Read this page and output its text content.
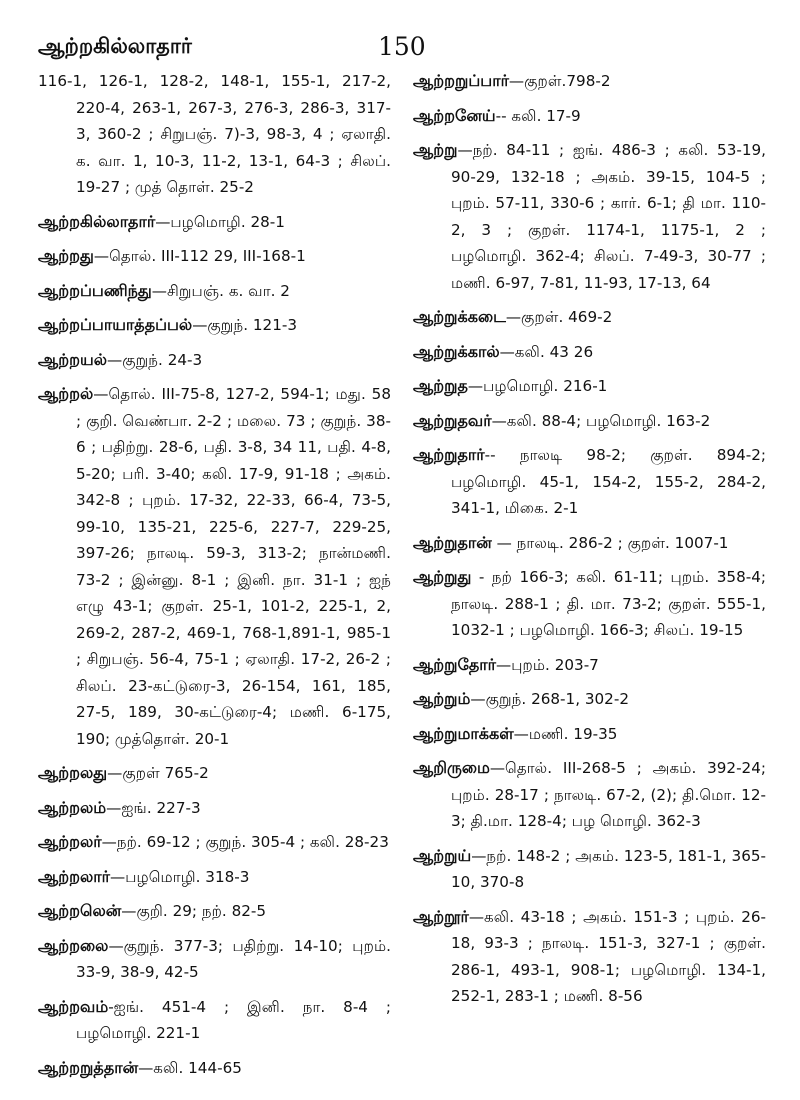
ஆற்றகில்லாதார்	150
116-1, 126-1, 128-2, 148-1, 155-1, 217-2, 220-4, 263-1, 267-3, 276-3, 286-3, 317-3, 360-2 ; சிறுபஞ். 7)-3, 98-3, 4 ; ஏலாதி. க. வா. 1, 10-3, 11-2, 13-1, 64-3 ; சிலப். 19-27 ; முத் தொள். 25-2
ஆற்றகில்லாதார்—பழமொழி. 28-1
ஆற்றது—தொல். III-112 29, III-168-1
ஆற்றப்பணிந்து—சிறுபஞ். க. வா. 2
ஆற்றப்பாயாத்தப்பல்—குறுந். 121-3
ஆற்றயல்—குறுந். 24-3
ஆற்றல்—தொல். III-75-8, 127-2, 594-1; மது. 58 ; குறி. வெண்பா. 2-2 ; மலை. 73 ; குறுந். 38-6 ; பதிற்று. 28-6, பதி. 3-8, 34 11, பதி. 4-8, 5-20; பரி. 3-40; கலி. 17-9, 91-18 ; அகம். 342-8 ; புறம். 17-32, 22-33, 66-4, 73-5, 99-10, 135-21, 225-6, 227-7, 229-25, 397-26; நாலடி. 59-3, 313-2; நான்மணி. 73-2 ; இன்னு. 8-1 ; இனி. நா. 31-1 ; ஐந் எழு 43-1; குறள். 25-1, 101-2, 225-1, 2, 269-2, 287-2, 469-1, 768-1,891-1, 985-1 ; சிறுபஞ். 56-4, 75-1 ; ஏலாதி. 17-2, 26-2 ; சிலப். 23-கட்டுரை-3, 26-154, 161, 185, 27-5, 189, 30-கட்டுரை-4; மணி. 6-175, 190; முத்தொள். 20-1
ஆற்றலது—குறள் 765-2
ஆற்றலம்—ஐங். 227-3
ஆற்றலர்—நற். 69-12 ; குறுந். 305-4 ; கலி. 28-23
ஆற்றலார்—பழமொழி. 318-3
ஆற்றலென்—குறி. 29; நற். 82-5
ஆற்றலை—குறுந். 377-3; பதிற்று. 14-10; புறம். 33-9, 38-9, 42-5
ஆற்றவம்-ஐங். 451-4 ; இனி. நா. 8-4 ; பழமொழி. 221-1
ஆற்றறுத்தான்—கலி. 144-65
ஆற்றறுப்பார்—குறள்.798-2
ஆற்றனேய்-- கலி. 17-9
ஆற்று—நற். 84-11 ; ஐங். 486-3 ; கலி. 53-19, 90-29, 132-18 ; அகம். 39-15, 104-5 ; புறம். 57-11, 330-6 ; கார். 6-1; தி மா. 110-2, 3 ; குறள். 1174-1, 1175-1, 2 ; பழமொழி. 362-4; சிலப். 7-49-3, 30-77 ; மணி. 6-97, 7-81, 11-93, 17-13, 64
ஆற்றுக்கடை—குறள். 469-2
ஆற்றுக்கால்—கலி. 43 26
ஆற்றுத—பழமொழி. 216-1
ஆற்றுதவர்—கலி. 88-4; பழமொழி. 163-2
ஆற்றுதார்-- நாலடி 98-2; குறள். 894-2; பழமொழி. 45-1, 154-2, 155-2, 284-2, 341-1, மிகை. 2-1
ஆற்றுதான் — நாலடி. 286-2 ; குறள். 1007-1
ஆற்றுது - நற் 166-3; கலி. 61-11; புறம். 358-4; நாலடி. 288-1 ; தி. மா. 73-2; குறள். 555-1, 1032-1 ; பழமொழி. 166-3; சிலப். 19-15
ஆற்றுதோர்—புறம். 203-7
ஆற்றும்—குறுந். 268-1, 302-2
ஆற்றுமாக்கள்—மணி. 19-35
ஆறிருமை—தொல். III-268-5 ; அகம். 392-24; புறம். 28-17 ; நாலடி. 67-2, (2); தி.மொ. 12-3; தி.மா. 128-4; பழ மொழி. 362-3
ஆற்றுய்—நற். 148-2 ; அகம். 123-5, 181-1, 365-10, 370-8
ஆற்றூர்—கலி. 43-18 ; அகம். 151-3 ; புறம். 26-18, 93-3 ; நாலடி. 151-3, 327-1 ; குறள். 286-1, 493-1, 908-1; பழமொழி. 134-1, 252-1, 283-1 ; மணி. 8-56
